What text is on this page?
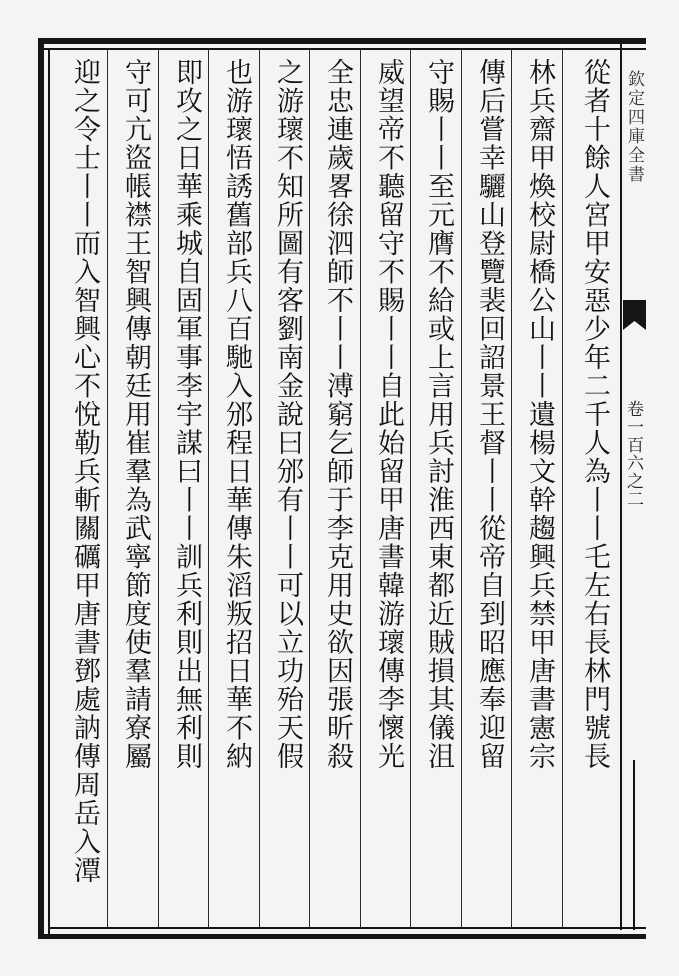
欽定四庫全書
卷一百六之二
從者十餘人宮甲安惡少年二千人為丨丨乇左右長林門號長
林兵齋甲煥校尉橋公山丨丨遺楊文幹趨興兵禁甲唐書憲宗
傳后嘗幸驪山登覽裴回詔景王督丨丨從帝自到昭應奉迎留
守賜丨丨至元膺不給或上言用兵討淮西東都近賊損其儀沮
威望帝不聽留守不賜丨丨自此始留甲唐書韓游瓌傳李懷光
全忠連歲畧徐泗師不丨丨溥窮乞師于李克用史欲因張昕殺
之游瓌不知所圖有客劉南金說曰邠有丨丨可以立功殆天假
也游瓌悟誘舊部兵八百馳入邠程日華傳朱滔叛招日華不納
即攻之日華乘城自固軍事李宇謀曰丨丨訓兵利則出無利則
守可亢盜帳襟王智興傳朝廷用崔羣為武寧節度使羣請寮屬
迎之令士丨丨而入智興心不悅勒兵斬關礪甲唐書鄧處訥傳周岳入潭
